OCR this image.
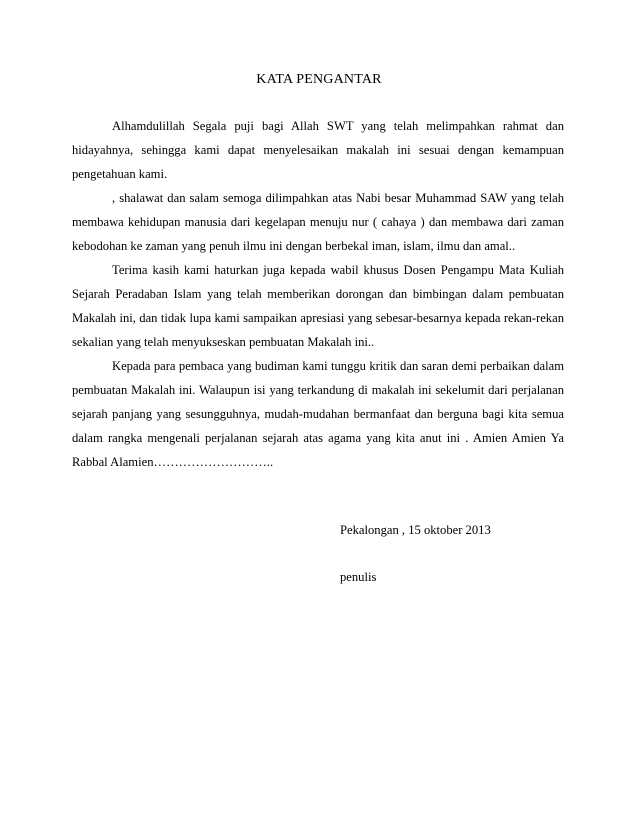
KATA PENGANTAR

Alhamdulillah Segala puji bagi Allah SWT yang telah melimpahkan rahmat dan hidayahnya, sehingga kami dapat menyelesaikan makalah ini sesuai dengan kemampuan pengetahuan kami.

, shalawat dan salam semoga dilimpahkan atas Nabi besar Muhammad SAW yang telah membawa kehidupan manusia dari kegelapan menuju nur ( cahaya ) dan membawa dari zaman kebodohan ke zaman yang penuh ilmu ini dengan berbekal iman, islam, ilmu dan amal..

Terima kasih kami haturkan juga kepada wabil khusus Dosen Pengampu Mata Kuliah Sejarah Peradaban Islam yang telah memberikan dorongan dan bimbingan dalam pembuatan Makalah ini, dan tidak lupa kami sampaikan apresiasi yang sebesar-besarnya kepada rekan-rekan sekalian yang telah menyukseskan pembuatan Makalah ini..

Kepada para pembaca yang budiman kami tunggu kritik dan saran demi perbaikan dalam pembuatan Makalah ini. Walaupun isi yang terkandung di makalah ini sekelumit dari perjalanan sejarah panjang yang sesungguhnya, mudah-mudahan bermanfaat dan berguna bagi kita semua dalam rangka mengenali perjalanan sejarah atas agama yang kita anut ini . Amien Amien Ya Rabbal Alamien………………………..

Pekalongan , 15 oktober 2013
penulis
